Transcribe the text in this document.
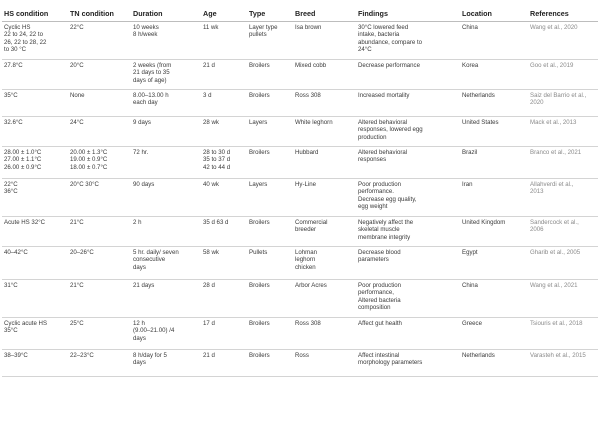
HS condition	TN condition	Duration	Age	Type	Breed	Findings	Location	References
Cyclic HS
22 to 24, 22 to
26, 22 to 28, 22
to 30 °C	22°C	10 weeks
8 h/week	11 wk	Layer type
pullets	Isa brown	30°C lowered feed
intake, bacteria
abundance, compare to
24°C	China	Wang et al., 2020
27.8°C	20°C	2 weeks (from
21 days to 35
days of age)	21 d	Broilers	Mixed cobb	Decrease performance	Korea	Goo et al., 2019
35°C	None	8.00–13.00 h
each day	3 d	Broilers	Ross 308	Increased mortality	Netherlands	Saiz del Barrio et al.,
2020
32.6°C	24°C	9 days	28 wk	Layers	White leghorn	Altered behavioral
responses, lowered egg
production	United States	Mack et al., 2013
28.00 ± 1.0°C
27.00 ± 1.1°C
26.00 ± 0.9°C	20.00 ± 1.3°C
19.00 ± 0.9°C
18.00 ± 0.7°C	72 hr.	28 to 30 d
35 to 37 d
42 to 44 d	Broilers	Hubbard	Altered behavioral
responses	Brazil	Branco et al., 2021
22°C
36°C	20°C 30°C	90 days	40 wk	Layers	Hy-Line	Poor production
performance.
Decrease egg quality,
egg weight	Iran	Allahverdi et al.,
2013
Acute HS 32°C	21°C	2 h	35 d 63 d	Broilers	Commercial
breeder	Negatively affect the
skeletal muscle
membrane integrity	United Kingdom	Sandercock et al.,
2006
40–42°C	20–26°C	5 hr. daily/ seven
consecutive
days	58 wk	Pullets	Lohman
leghorn
chicken	Decrease blood
parameters	Egypt	Gharib et al., 2005
31°C	21°C	21 days	28 d	Broilers	Arbor Acres	Poor production
performance,
Altered bacteria
composition	China	Wang et al., 2021
Cyclic acute HS
35°C	25°C	12 h
(9.00–21.00) /4
days	17 d	Broilers	Ross 308	Affect gut health	Greece	Tsiouris et al., 2018
38–39°C	22–23°C	8 h/day for 5
days	21 d	Broilers	Ross	Affect intestinal
morphology parameters	Netherlands	Varasteh et al., 2015
